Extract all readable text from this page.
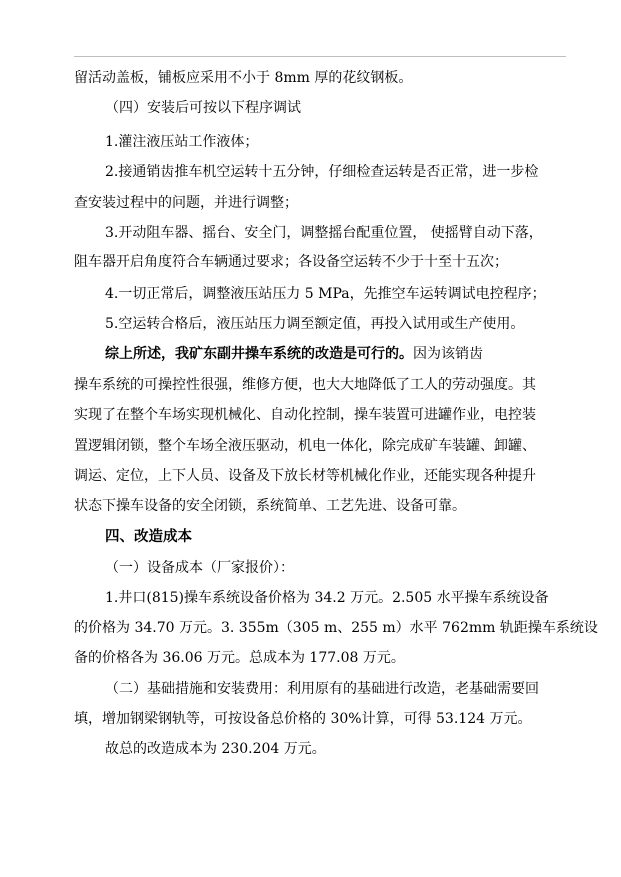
留活动盖板，铺板应采用不小于 8mm 厚的花纹钢板。
（四）安装后可按以下程序调试
1.灌注液压站工作液体；
2.接通销齿推车机空运转十五分钟，仔细检查运转是否正常，进一步检
查安装过程中的问题，并进行调整；
3.开动阻车器、摇台、安全门，调整摇台配重位置， 使摇臂自动下落，
阻车器开启角度符合车辆通过要求；各设备空运转不少于十至十五次；
4.一切正常后，调整液压站压力 5 MPa，先推空车运转调试电控程序；
5.空运转合格后，液压站压力调至额定值，再投入试用或生产使用。
综上所述，我矿东副井操车系统的改造是可行的。因为该销齿
操车系统的可操控性很强，维修方便，也大大地降低了工人的劳动强度。其
实现了在整个车场实现机械化、自动化控制，操车装置可进罐作业，电控装
置逻辑闭锁，整个车场全液压驱动，机电一体化，除完成矿车装罐、卸罐、
调运、定位，上下人员、设备及下放长材等机械化作业，还能实现各种提升
状态下操车设备的安全闭锁，系统简单、工艺先进、设备可靠。
四、改造成本
（一）设备成本（厂家报价）：
1.井口(815)操车系统设备价格为 34.2 万元。2.505 水平操车系统设备
的价格为 34.70 万元。3. 355m（305 m、255 m）水平 762mm 轨距操车系统设
备的价格各为 36.06 万元。总成本为 177.08 万元。
（二）基础措施和安装费用：利用原有的基础进行改造，老基础需要回
填，增加钢梁钢轨等，可按设备总价格的 30%计算，可得 53.124 万元。
故总的改造成本为 230.204 万元。
